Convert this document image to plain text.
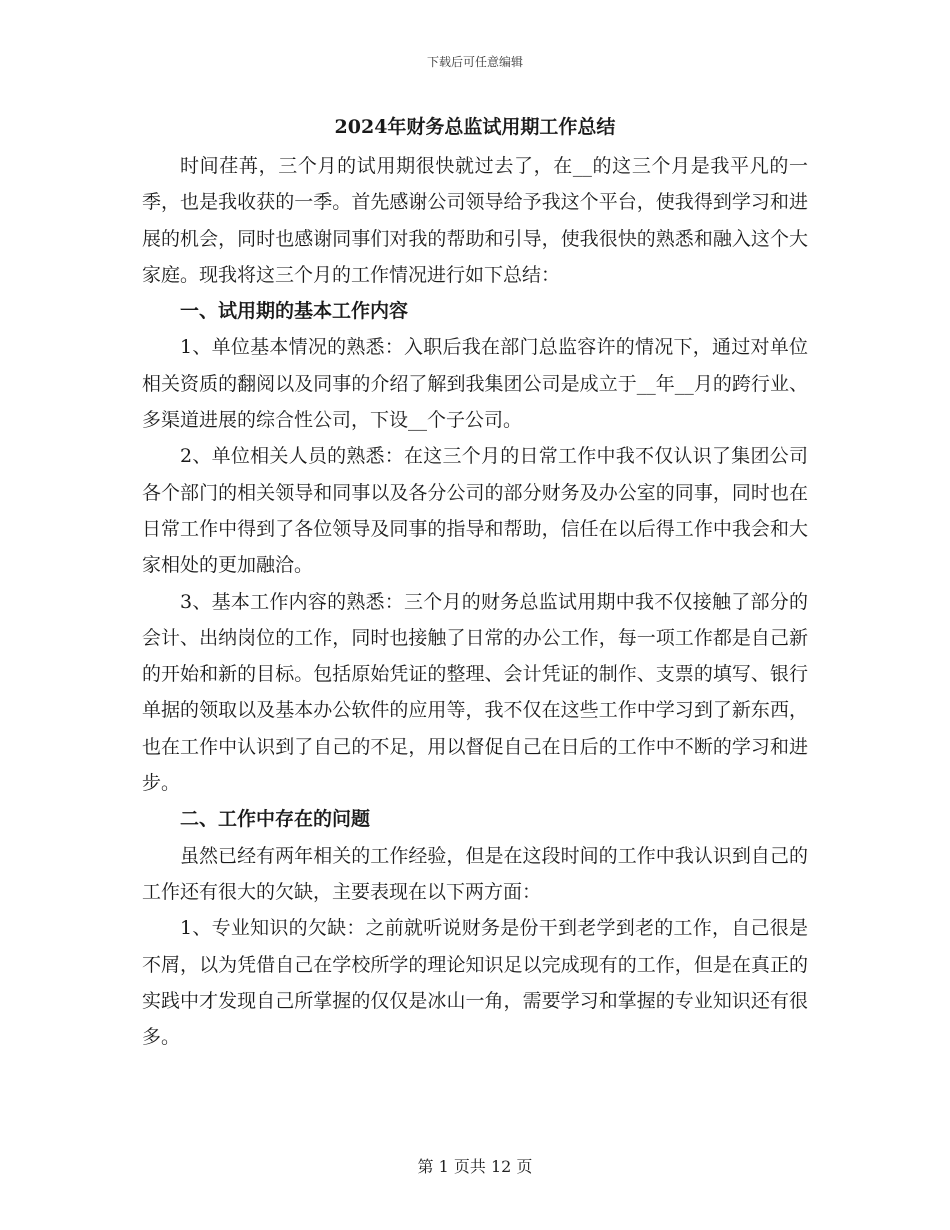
下载后可任意编辑
2024年财务总监试用期工作总结

时间荏苒，三个月的试用期很快就过去了，在__的这三个月是我平凡的一季，也是我收获的一季。首先感谢公司领导给予我这个平台，使我得到学习和进展的机会，同时也感谢同事们对我的帮助和引导，使我很快的熟悉和融入这个大家庭。现我将这三个月的工作情况进行如下总结：

一、试用期的基本工作内容

1、单位基本情况的熟悉：入职后我在部门总监容许的情况下，通过对单位相关资质的翻阅以及同事的介绍了解到我集团公司是成立于__年__月的跨行业、多渠道进展的综合性公司，下设__个子公司。

2、单位相关人员的熟悉：在这三个月的日常工作中我不仅认识了集团公司各个部门的相关领导和同事以及各分公司的部分财务及办公室的同事，同时也在日常工作中得到了各位领导及同事的指导和帮助，信任在以后得工作中我会和大家相处的更加融洽。

3、基本工作内容的熟悉：三个月的财务总监试用期中我不仅接触了部分的会计、出纳岗位的工作，同时也接触了日常的办公工作，每一项工作都是自己新的开始和新的目标。包括原始凭证的整理、会计凭证的制作、支票的填写、银行单据的领取以及基本办公软件的应用等，我不仅在这些工作中学习到了新东西，也在工作中认识到了自己的不足，用以督促自己在日后的工作中不断的学习和进步。

二、工作中存在的问题

虽然已经有两年相关的工作经验，但是在这段时间的工作中我认识到自己的工作还有很大的欠缺，主要表现在以下两方面：

1、专业知识的欠缺：之前就听说财务是份干到老学到老的工作，自己很是不屑，以为凭借自己在学校所学的理论知识足以完成现有的工作，但是在真正的实践中才发现自己所掌握的仅仅是冰山一角，需要学习和掌握的专业知识还有很多。

第 1 页共 12 页
